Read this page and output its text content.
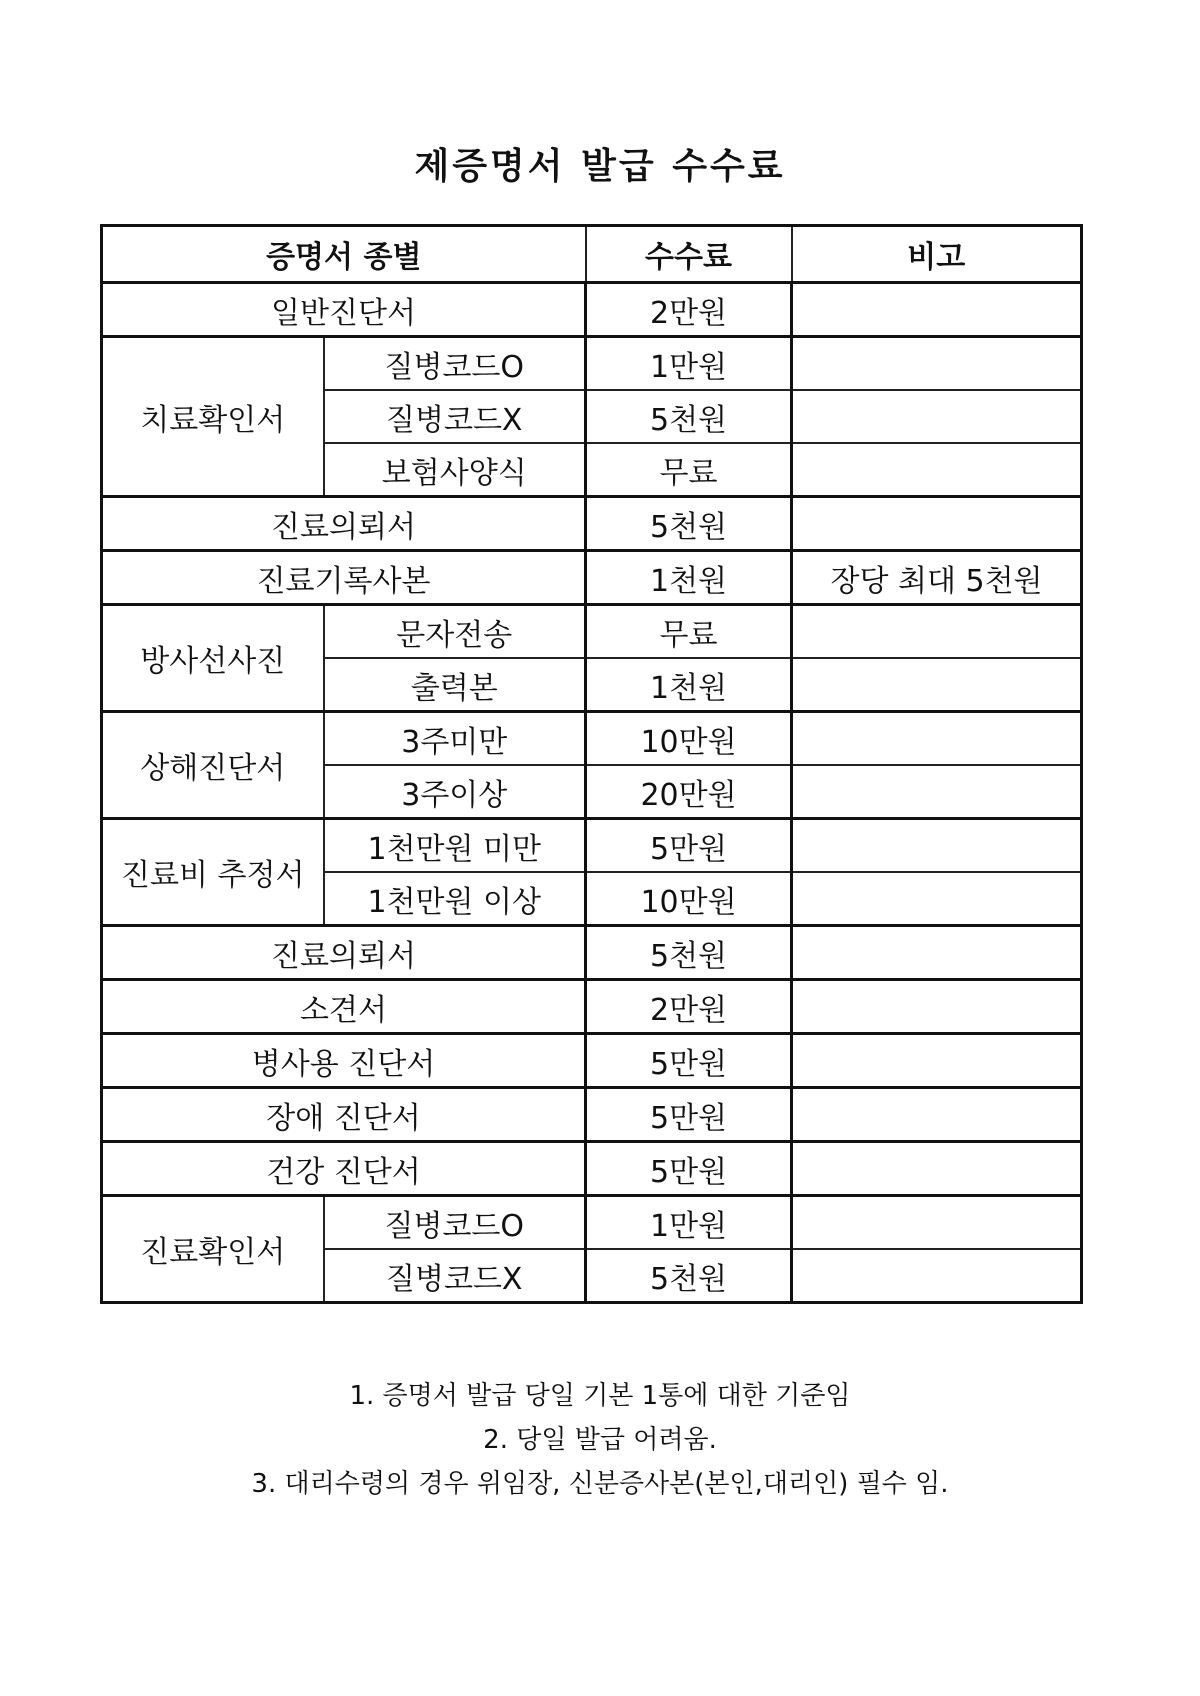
제증명서 발급 수수료
증명서 종별		수수료	비고
일반진단서		2만원	
치료확인서	질병코드O	1만원	
	질병코드X	5천원	
	보험사양식	무료	
진료의뢰서		5천원	
진료기록사본		1천원	장당 최대 5천원
방사선사진	문자전송	무료	
	출력본	1천원	
상해진단서	3주미만	10만원	
	3주이상	20만원	
진료비 추정서	1천만원 미만	5만원	
	1천만원 이상	10만원	
진료의뢰서		5천원	
소견서		2만원	
병사용 진단서		5만원	
장애 진단서		5만원	
건강 진단서		5만원	
진료확인서	질병코드O	1만원	
	질병코드X	5천원	
1. 증명서 발급 당일 기본 1통에 대한 기준임
2. 당일 발급 어려움.
3. 대리수령의 경우 위임장, 신분증사본(본인,대리인) 필수 임.
